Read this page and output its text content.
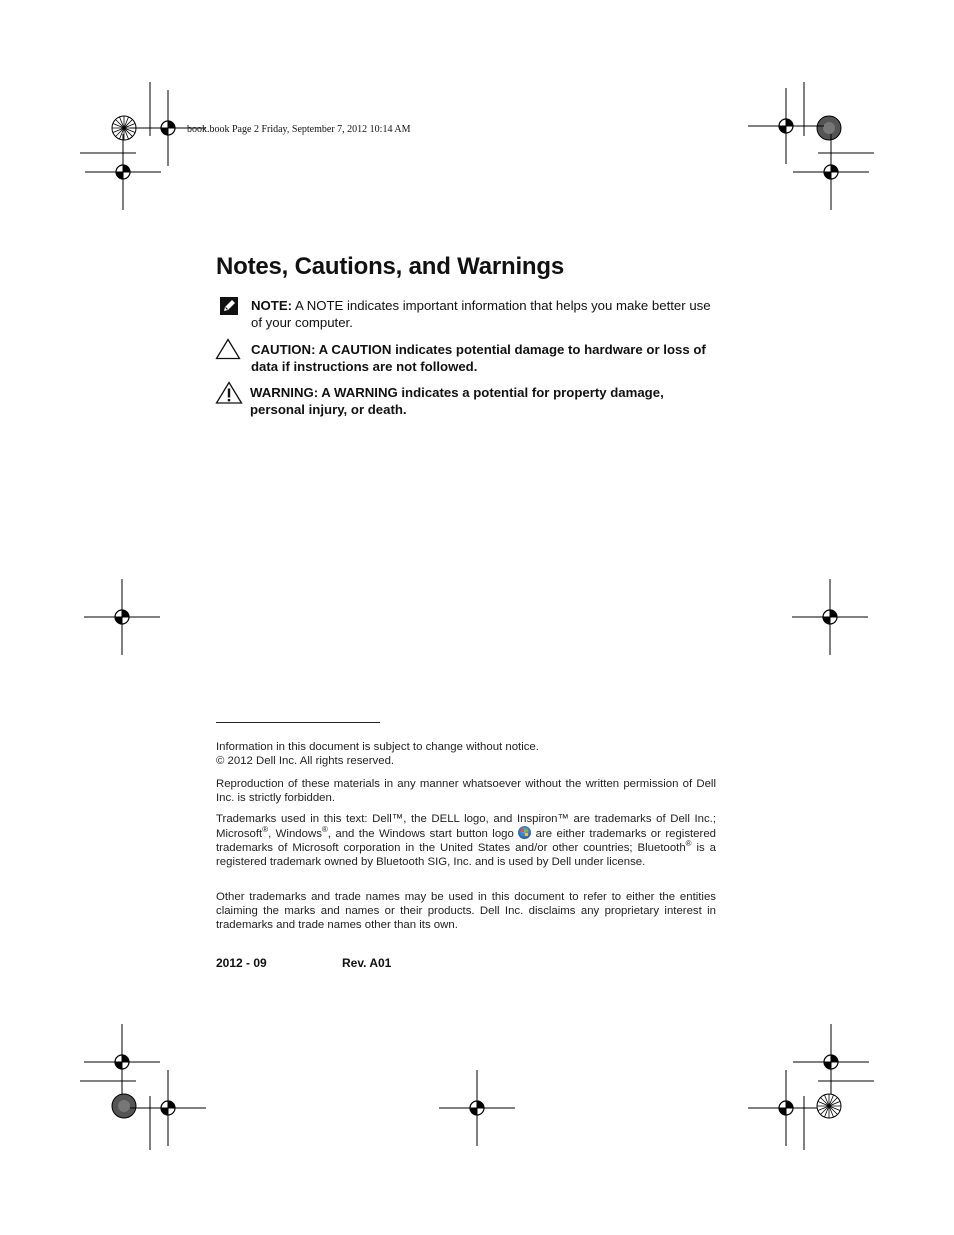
book.book Page 2 Friday, September 7, 2012 10:14 AM
Notes, Cautions, and Warnings
NOTE: A NOTE indicates important information that helps you make better use of your computer.
CAUTION: A CAUTION indicates potential damage to hardware or loss of data if instructions are not followed.
WARNING: A WARNING indicates a potential for property damage, personal injury, or death.
Information in this document is subject to change without notice.
© 2012 Dell Inc. All rights reserved.
Reproduction of these materials in any manner whatsoever without the written permission of Dell Inc. is strictly forbidden.
Trademarks used in this text: Dell™, the DELL logo, and Inspiron™ are trademarks of Dell Inc.; Microsoft®, Windows®, and the Windows start button logo
are either trademarks or registered trademarks of Microsoft corporation in the United States and/or other countries; Bluetooth® is a registered trademark owned by Bluetooth SIG, Inc. and is used by Dell under license.
Other trademarks and trade names may be used in this document to refer to either the entities claiming the marks and names or their products. Dell Inc. disclaims any proprietary interest in trademarks and trade names other than its own.
2012 - 09	Rev. A01
